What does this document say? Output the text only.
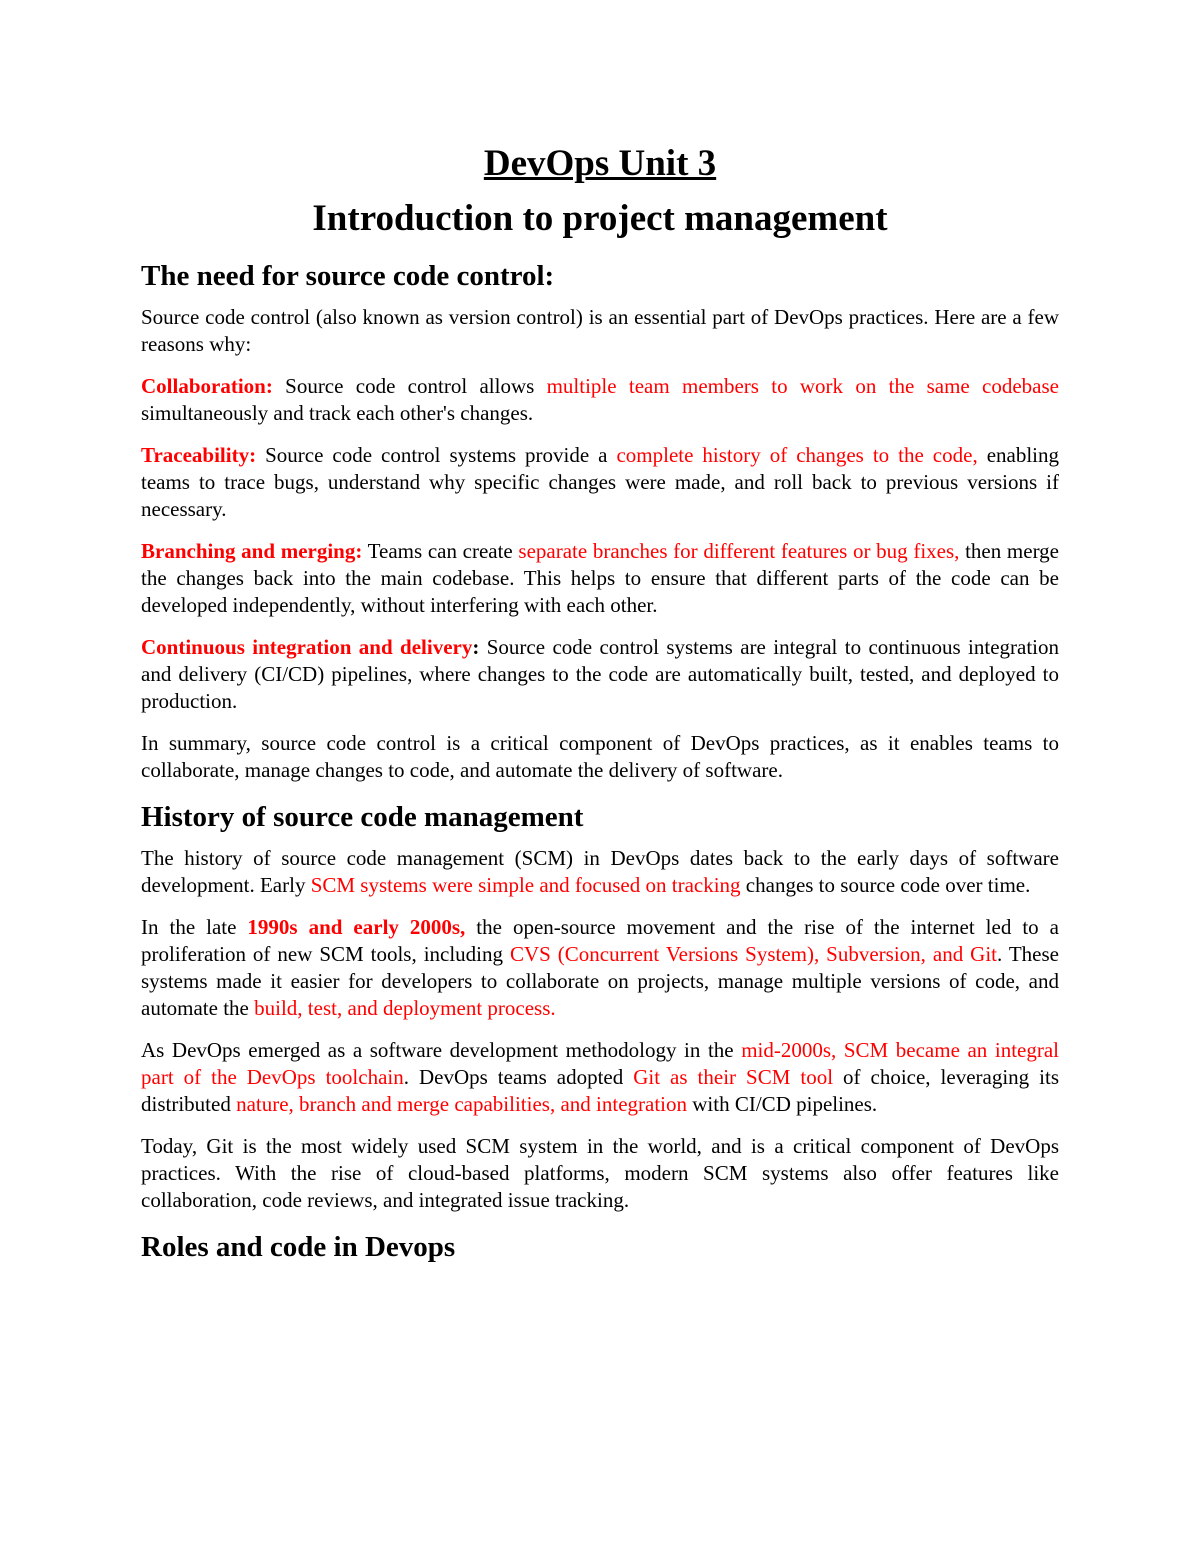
DevOps Unit 3
Introduction to project management
The need for source code control:

Source code control (also known as version control) is an essential part of DevOps practices. Here are a few reasons why:

Collaboration: Source code control allows multiple team members to work on the same codebase simultaneously and track each other's changes.

Traceability: Source code control systems provide a complete history of changes to the code, enabling teams to trace bugs, understand why specific changes were made, and roll back to previous versions if necessary.

Branching and merging: Teams can create separate branches for different features or bug fixes, then merge the changes back into the main codebase. This helps to ensure that different parts of the code can be developed independently, without interfering with each other.

Continuous integration and delivery: Source code control systems are integral to continuous integration and delivery (CI/CD) pipelines, where changes to the code are automatically built, tested, and deployed to production.

In summary, source code control is a critical component of DevOps practices, as it enables teams to collaborate, manage changes to code, and automate the delivery of software.

History of source code management

The history of source code management (SCM) in DevOps dates back to the early days of software development. Early SCM systems were simple and focused on tracking changes to source code over time.

In the late 1990s and early 2000s, the open-source movement and the rise of the internet led to a proliferation of new SCM tools, including CVS (Concurrent Versions System), Subversion, and Git. These systems made it easier for developers to collaborate on projects, manage multiple versions of code, and automate the build, test, and deployment process.

As DevOps emerged as a software development methodology in the mid-2000s, SCM became an integral part of the DevOps toolchain. DevOps teams adopted Git as their SCM tool of choice, leveraging its distributed nature, branch and merge capabilities, and integration with CI/CD pipelines.

Today, Git is the most widely used SCM system in the world, and is a critical component of DevOps practices. With the rise of cloud-based platforms, modern SCM systems also offer features like collaboration, code reviews, and integrated issue tracking.

Roles and code in Devops
